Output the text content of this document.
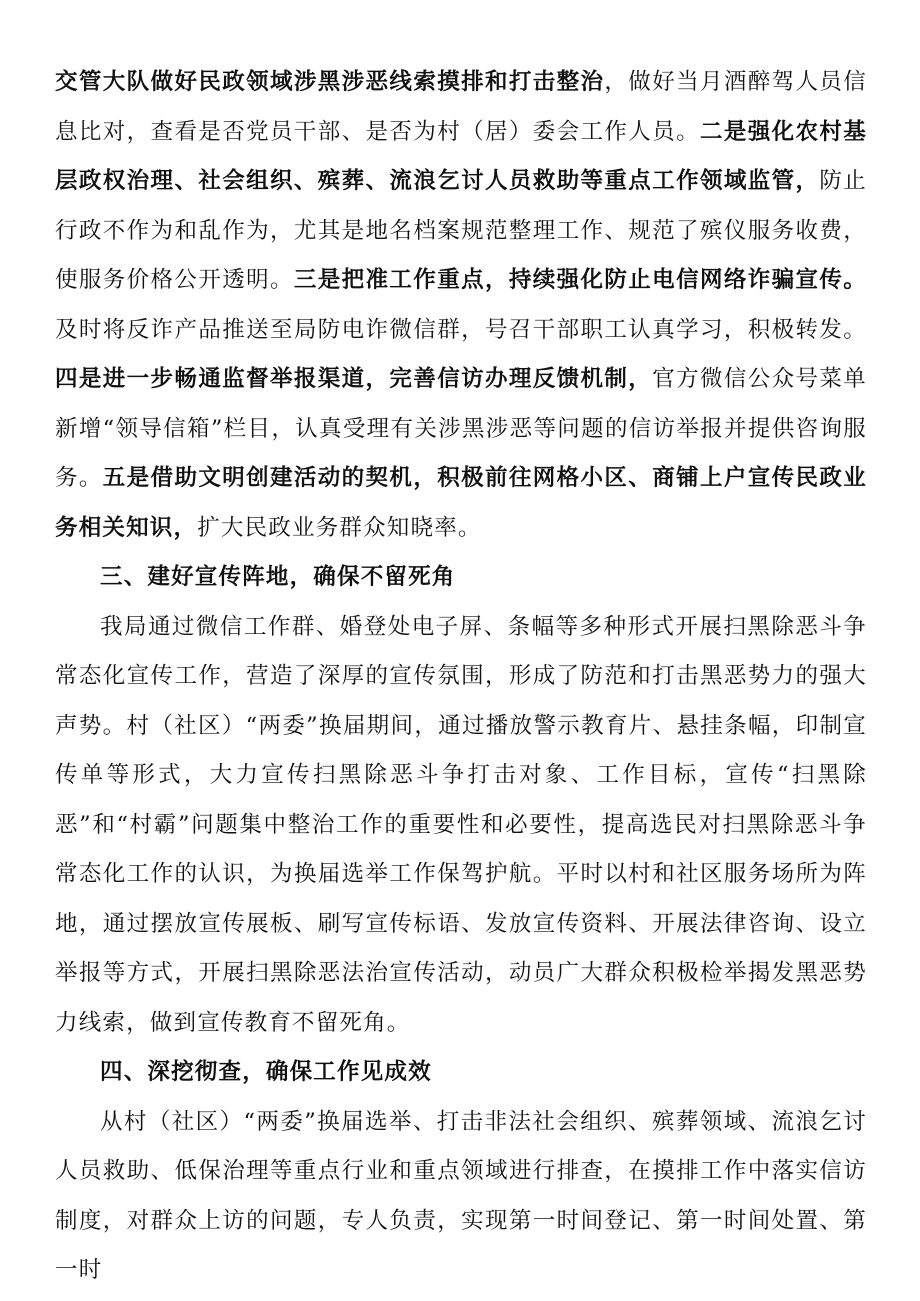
交管大队做好民政领域涉黑涉恶线索摸排和打击整治，做好当月酒醉驾人员信息比对，查看是否党员干部、是否为村（居）委会工作人员。二是强化农村基层政权治理、社会组织、殡葬、流浪乞讨人员救助等重点工作领域监管，防止行政不作为和乱作为，尤其是地名档案规范整理工作、规范了殡仪服务收费，使服务价格公开透明。三是把准工作重点，持续强化防止电信网络诈骗宣传。及时将反诈产品推送至局防电诈微信群，号召干部职工认真学习，积极转发。四是进一步畅通监督举报渠道，完善信访办理反馈机制，官方微信公众号菜单新增“领导信箱”栏目，认真受理有关涉黑涉恶等问题的信访举报并提供咨询服务。五是借助文明创建活动的契机，积极前往网格小区、商铺上户宣传民政业务相关知识，扩大民政业务群众知晓率。

三、建好宣传阵地，确保不留死角

我局通过微信工作群、婚登处电子屏、条幅等多种形式开展扫黑除恶斗争常态化宣传工作，营造了深厚的宣传氛围，形成了防范和打击黑恶势力的强大声势。村（社区）“两委”换届期间，通过播放警示教育片、悬挂条幅，印制宣传单等形式，大力宣传扫黑除恶斗争打击对象、工作目标，宣传“扫黑除恶”和“村霸”问题集中整治工作的重要性和必要性，提高选民对扫黑除恶斗争常态化工作的认识，为换届选举工作保驾护航。平时以村和社区服务场所为阵地，通过摆放宣传展板、刷写宣传标语、发放宣传资料、开展法律咨询、设立举报等方式，开展扫黑除恶法治宣传活动，动员广大群众积极检举揭发黑恶势力线索，做到宣传教育不留死角。

四、深挖彻查，确保工作见成效

从村（社区）“两委”换届选举、打击非法社会组织、殡葬领域、流浪乞讨人员救助、低保治理等重点行业和重点领域进行排查，在摸排工作中落实信访制度，对群众上访的问题，专人负责，实现第一时间登记、第一时间处置、第一时
